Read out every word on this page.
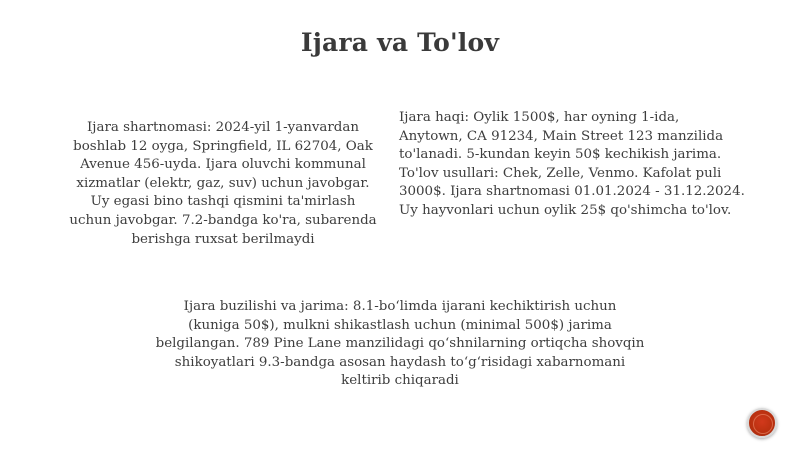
Ijara va To'lov
Ijara shartnomasi: 2024-yil 1-yanvardan
boshlab 12 oyga, Springfield, IL 62704, Oak
Avenue 456-uyda. Ijara oluvchi kommunal
xizmatlar (elektr, gaz, suv) uchun javobgar.
Uy egasi bino tashqi qismini ta'mirlash
uchun javobgar. 7.2-bandga ko'ra, subarenda
berishga ruxsat berilmaydi
Ijara haqi: Oylik 1500$, har oyning 1-ida,
Anytown, CA 91234, Main Street 123 manzilida
to'lanadi. 5-kundan keyin 50$ kechikish jarima.
To'lov usullari: Chek, Zelle, Venmo. Kafolat puli
3000$. Ijara shartnomasi 01.01.2024 - 31.12.2024.
Uy hayvonlari uchun oylik 25$ qo'shimcha to'lov.
Ijara buzilishi va jarima: 8.1-bo‘limda ijarani kechiktirish uchun
(kuniga 50$), mulkni shikastlash uchun (minimal 500$) jarima
belgilangan. 789 Pine Lane manzilidagi qo‘shnilarning ortiqcha shovqin
shikoyatlari 9.3-bandga asosan haydash to‘g‘risidagi xabarnomani
keltirib chiqaradi
